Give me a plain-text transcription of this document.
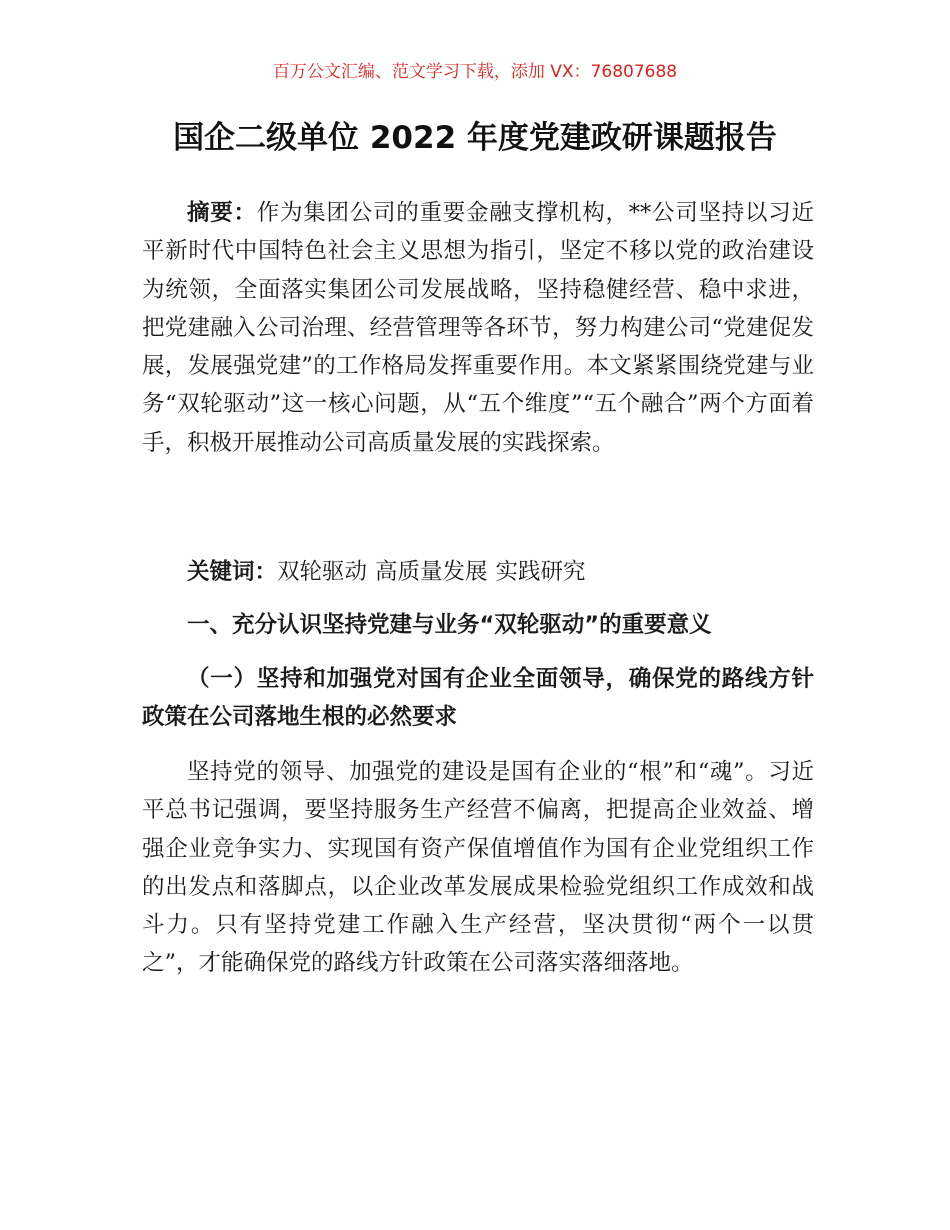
百万公文汇编、范文学习下载，添加 VX：76807688
国企二级单位 2022 年度党建政研课题报告

摘要：作为集团公司的重要金融支撑机构，**公司坚持以习近平新时代中国特色社会主义思想为指引，坚定不移以党的政治建设为统领，全面落实集团公司发展战略，坚持稳健经营、稳中求进，把党建融入公司治理、经营管理等各环节，努力构建公司“党建促发展，发展强党建”的工作格局发挥重要作用。本文紧紧围绕党建与业务“双轮驱动”这一核心问题，从“五个维度”“五个融合”两个方面着手，积极开展推动公司高质量发展的实践探索。

关键词：双轮驱动 高质量发展 实践研究

一、充分认识坚持党建与业务“双轮驱动”的重要意义

（一）坚持和加强党对国有企业全面领导，确保党的路线方针政策在公司落地生根的必然要求

坚持党的领导、加强党的建设是国有企业的“根”和“魂”。习近平总书记强调，要坚持服务生产经营不偏离，把提高企业效益、增强企业竞争实力、实现国有资产保值增值作为国有企业党组织工作的出发点和落脚点，以企业改革发展成果检验党组织工作成效和战斗力。只有坚持党建工作融入生产经营，坚决贯彻“两个一以贯之”，才能确保党的路线方针政策在公司落实落细落地。
